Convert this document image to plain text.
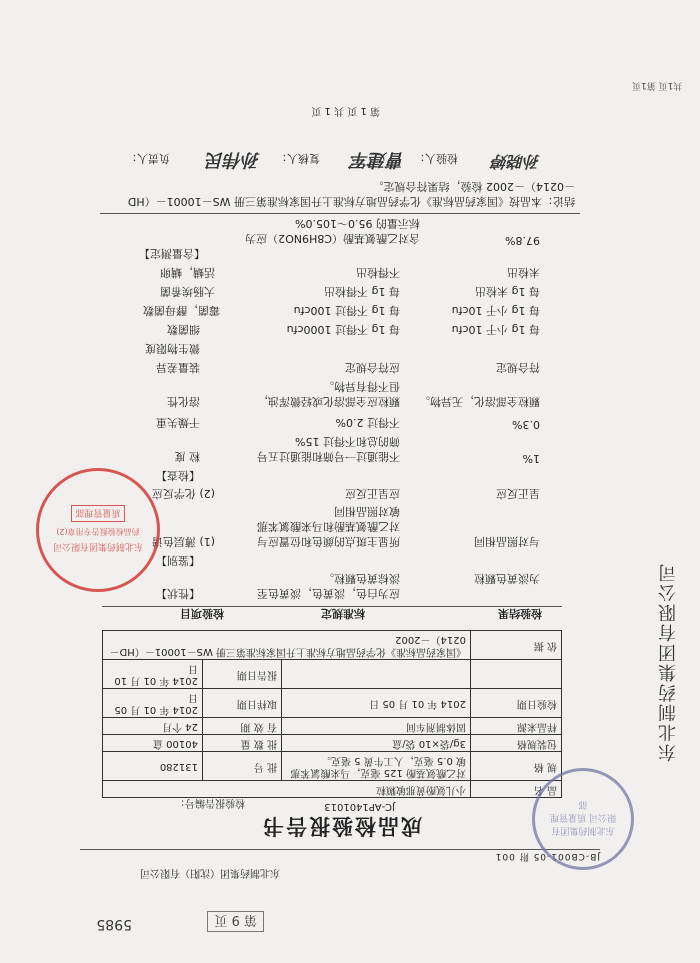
共1页 第1页
5985	第 9 页
东北制药集团有限公司
东北制药集团（沈阳）有限公司
JB-CB001-05 附 001
成品检验报告书
检验报告编号：	JC-AP1401013
品 名	小儿氨酚黄那敏颗粒		
规 格	对乙酰氨基酚 125 毫克，马来酸氯苯那敏 0.5 毫克，人工牛黄 5 毫克。	批 号	131280
包装规格	3g/袋×10 袋/盒	批 数 量	40100 盒
样品来源	固体制剂车间	有 效 期	24 个月
检验日期	2014 年 01 月 05 日	取样日期	2014 年 01 月 05 日
		报告日期	2014 年 01 月 10 日
依 据	《国家药品标准》化学药品地方标准上升国家标准第三册 WS－10001－（HD－0214）－2002		
检验项目	标准规定	检验结果
【性状】	应为白色，淡黄色，淡黄色至
淡棕黄色颗粒。	为淡黄色颗粒
【鉴别】
(1) 薄层色谱	所显主斑点的颜色和位置应与
对乙酰氨基酚和马来酸氯苯那
敏对照品相同
与对照品相同
(2) 化学反应	应呈正反应	呈正反应
【检查】
粒 度	不能通过一号筛和能通过五号
筛的总和不得过 15%
1%
干燥失重	不得过 2.0%	0.3%
溶化性	颗粒应全部溶化或轻微浑浊，
但不得有异物。
颗粒全部溶化，无异物。
装量差异	应符合规定	符合规定
微生物限度
细菌数	每 1g 不得过 1000cfu	每 1g 小于 10cfu
霉菌，酵母菌数	每 1g 不得过 100cfu	每 1g 小于 10cfu
大肠埃希菌	每 1g 不得检出	每 1g 未检出
活螨，螨卵	不得检出	未检出
【含量测定】
含对乙酰氨基酚（C8H9NO2）应为
标示量的 95.0～105.0%
97.8%
结论：本品按《国家药品标准》化学药品地方标准上升国家标准第三册 WS－10001－（HD
－0214）－2002 检验，结果符合规定。
负责人： 孙伟民 复核人： 曹建军 检验人： 孙晓婷
第 1 页 共 1 页
东北制药集团有限公司
药品检验报告专用章(2)
质量管理部
东北制药集团有限公司 质量管理部
